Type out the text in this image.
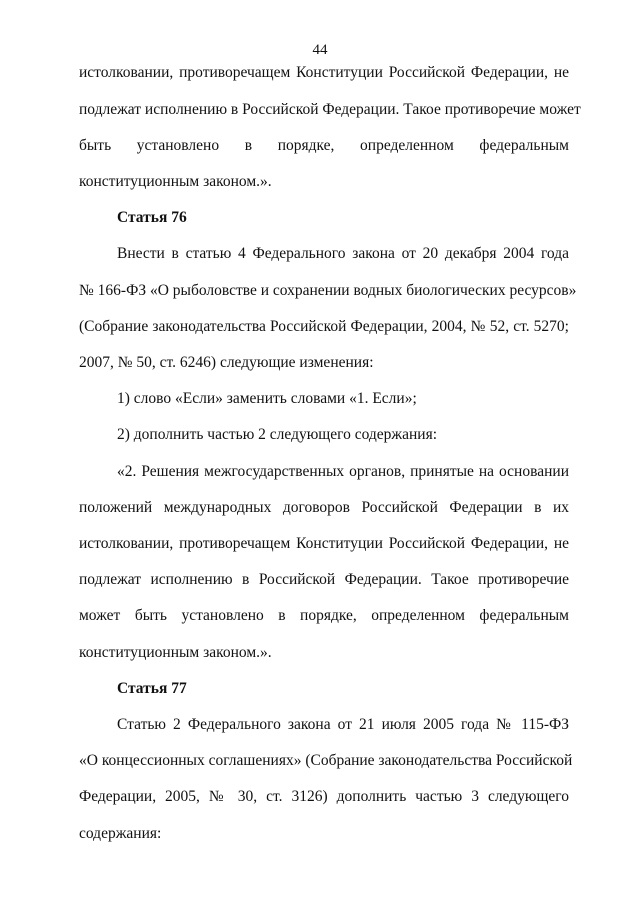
44
истолковании, противоречащем Конституции Российской Федерации, не
подлежат исполнению в Российской Федерации. Такое противоречие может
быть установлено в порядке, определенном федеральным
конституционным законом.».
Статья 76
Внести в статью 4 Федерального закона от 20 декабря 2004 года
№ 166-ФЗ «О рыболовстве и сохранении водных биологических ресурсов»
(Собрание законодательства Российской Федерации, 2004, № 52, ст. 5270;
2007, № 50, ст. 6246) следующие изменения:
1) слово «Если» заменить словами «1. Если»;
2) дополнить частью 2 следующего содержания:
«2. Решения межгосударственных органов, принятые на основании
положений международных договоров Российской Федерации в их
истолковании, противоречащем Конституции Российской Федерации, не
подлежат исполнению в Российской Федерации. Такое противоречие
может быть установлено в порядке, определенном федеральным
конституционным законом.».
Статья 77
Статью 2 Федерального закона от 21 июля 2005 года № 115-ФЗ
«О концессионных соглашениях» (Собрание законодательства Российской
Федерации, 2005, № 30, ст. 3126) дополнить частью 3 следующего
содержания:
